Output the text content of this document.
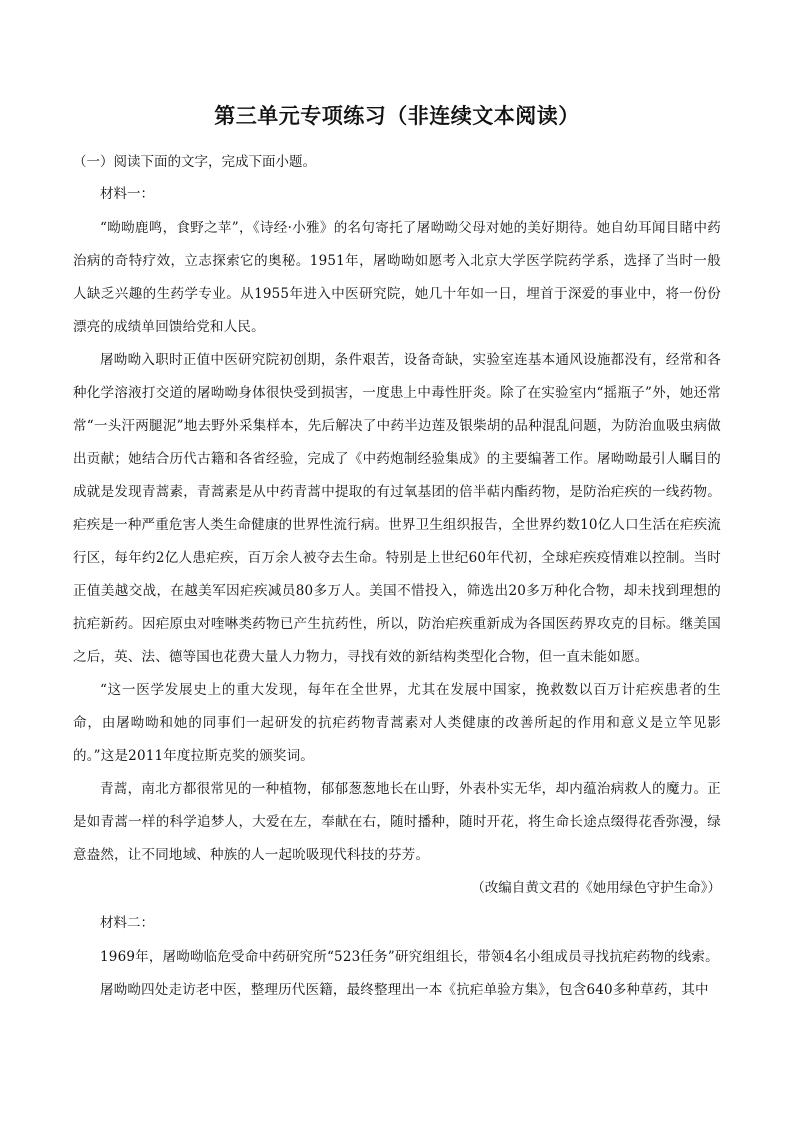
第三单元专项练习（非连续文本阅读）
（一）阅读下面的文字，完成下面小题。
材料一：

“呦呦鹿鸣，食野之苹”，《诗经·小雅》的名句寄托了屠呦呦父母对她的美好期待。她自幼耳闻目睹中药治病的奇特疗效，立志探索它的奥秘。1951年，屠呦呦如愿考入北京大学医学院药学系，选择了当时一般人缺乏兴趣的生药学专业。从1955年进入中医研究院，她几十年如一日，埋首于深爱的事业中，将一份份漂亮的成绩单回馈给党和人民。

屠呦呦入职时正值中医研究院初创期，条件艰苦，设备奇缺，实验室连基本通风设施都没有，经常和各种化学溶液打交道的屠呦呦身体很快受到损害，一度患上中毒性肝炎。除了在实验室内“摇瓶子”外，她还常常“一头汗两腿泥”地去野外采集样本，先后解决了中药半边莲及银柴胡的品种混乱问题，为防治血吸虫病做出贡献；她结合历代古籍和各省经验，完成了《中药炮制经验集成》的主要编著工作。屠呦呦最引人瞩目的成就是发现青蒿素，青蒿素是从中药青蒿中提取的有过氧基团的倍半萜内酯药物，是防治疟疾的一线药物。疟疾是一种严重危害人类生命健康的世界性流行病。世界卫生组织报告，全世界约数10亿人口生活在疟疾流行区，每年约2亿人患疟疾，百万余人被夺去生命。特别是上世纪60年代初，全球疟疾疫情难以控制。当时正值美越交战，在越美军因疟疾减员80多万人。美国不惜投入，筛选出20多万种化合物，却未找到理想的抗疟新药。因疟原虫对喹啉类药物已产生抗药性，所以，防治疟疾重新成为各国医药界攻克的目标。继美国之后，英、法、德等国也花费大量人力物力，寻找有效的新结构类型化合物，但一直未能如愿。

“这一医学发展史上的重大发现，每年在全世界，尤其在发展中国家，挽救数以百万计疟疾患者的生命，由屠呦呦和她的同事们一起研发的抗疟药物青蒿素对人类健康的改善所起的作用和意义是立竿见影的。”这是2011年度拉斯克奖的颁奖词。

青蒿，南北方都很常见的一种植物，郁郁葱葱地长在山野，外表朴实无华，却内蕴治病救人的魔力。正是如青蒿一样的科学追梦人，大爱在左，奉献在右，随时播种，随时开花，将生命长途点缀得花香弥漫，绿意盎然，让不同地域、种族的人一起吮吸现代科技的芬芳。

（改编自黄文君的《她用绿色守护生命》）

材料二：

1969年，屠呦呦临危受命中药研究所“523任务”研究组组长，带领4名小组成员寻找抗疟药物的线索。

屠呦呦四处走访老中医，整理历代医籍，最终整理出一本《抗疟单验方集》，包含640多种草药，其中
